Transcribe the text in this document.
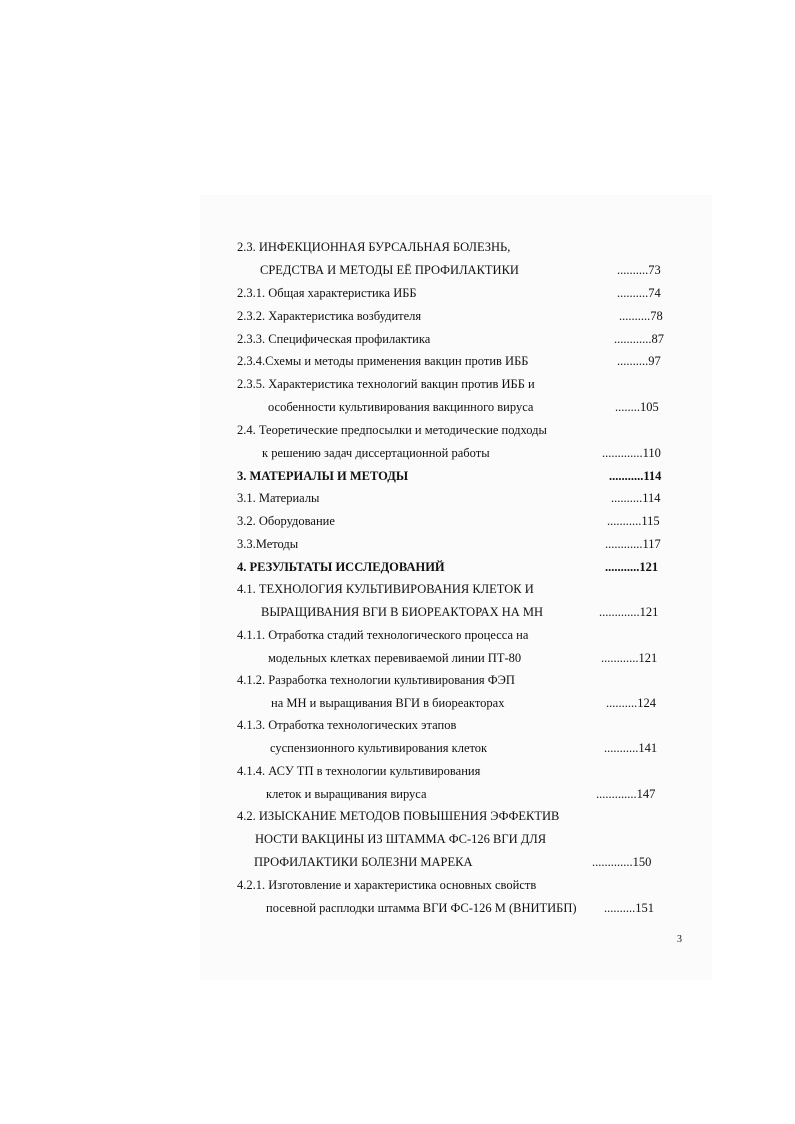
2.3. ИНФЕКЦИОННАЯ БУРСАЛЬНАЯ БОЛЕЗНЬ,
СРЕДСТВА И МЕТОДЫ ЕЁ ПРОФИЛАКТИКИ	..........73
2.3.1. Общая характеристика ИББ	..........74
2.3.2. Характеристика возбудителя	..........78
2.3.3. Специфическая профилактика	............87
2.3.4.Схемы и методы применения вакцин против ИББ	..........97
2.3.5. Характеристика технологий вакцин против ИББ и
особенности культивирования вакцинного вируса	........105
2.4. Теоретические предпосылки и методические подходы
к решению задач диссертационной работы	.............110
3. МАТЕРИАЛЫ И МЕТОДЫ	...........114
3.1. Материалы	..........114
3.2. Оборудование	...........115
3.3.Методы	............117
4. РЕЗУЛЬТАТЫ ИССЛЕДОВАНИЙ	...........121
4.1. ТЕХНОЛОГИЯ КУЛЬТИВИРОВАНИЯ КЛЕТОК И
ВЫРАЩИВАНИЯ ВГИ В БИОРЕАКТОРАХ НА МН	.............121
4.1.1. Отработка стадий технологического процесса на
модельных клетках перевиваемой линии ПТ-80	............121
4.1.2. Разработка технологии культивирования ФЭП
на МН и выращивания ВГИ в биореакторах	..........124
4.1.3. Отработка технологических этапов
суспензионного культивирования клеток	...........141
4.1.4. АСУ ТП в технологии культивирования
клеток и выращивания вируса	.............147
4.2. ИЗЫСКАНИЕ МЕТОДОВ ПОВЫШЕНИЯ ЭФФЕКТИВ
НОСТИ ВАКЦИНЫ ИЗ ШТАММА ФС-126 ВГИ ДЛЯ
ПРОФИЛАКТИКИ БОЛЕЗНИ МАРЕКА	.............150
4.2.1. Изготовление и характеристика основных свойств
посевной расплодки штамма ВГИ ФС-126 М (ВНИТИБП) ..........151
3
